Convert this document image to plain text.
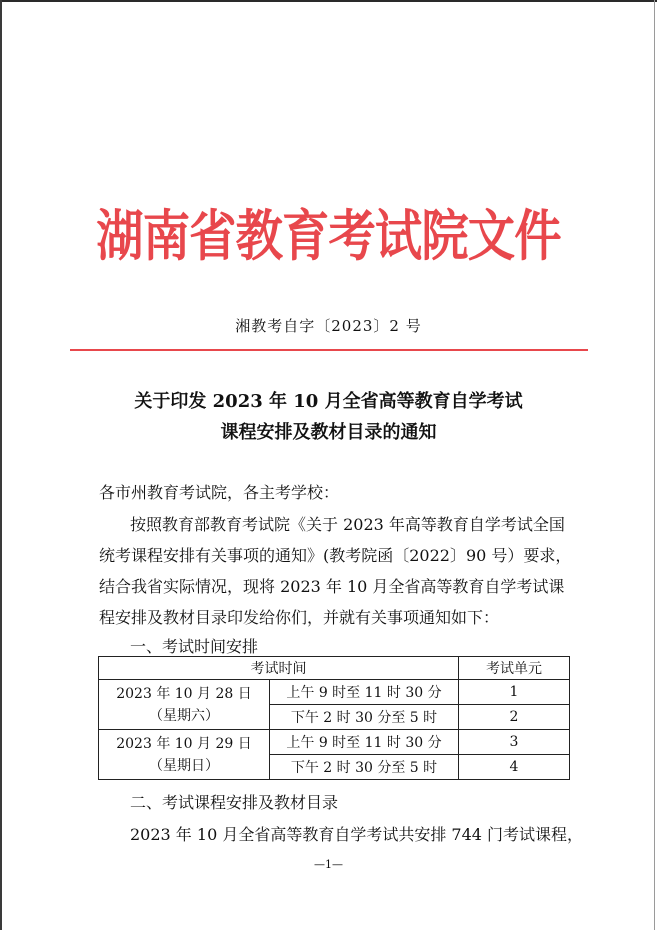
湖南省教育考试院文件
湘教考自字〔2023〕2 号
关于印发 2023 年 10 月全省高等教育自学考试
课程安排及教材目录的通知
各市州教育考试院，各主考学校：
按照教育部教育考试院《关于 2023 年高等教育自学考试全国
统考课程安排有关事项的通知》(教考院函〔2022〕90 号）要求，
结合我省实际情况，现将 2023 年 10 月全省高等教育自学考试课
程安排及教材目录印发给你们，并就有关事项通知如下：
一、考试时间安排
考试时间		考试单元

2023 年 10 月 28 日
（星期六）	上午 9 时至 11 时 30 分	1
	下午 2 时 30 分至 5 时	2

2023 年 10 月 29 日
（星期日）	上午 9 时至 11 时 30 分	3
	下午 2 时 30 分至 5 时	4
二、考试课程安排及教材目录
2023 年 10 月全省高等教育自学考试共安排 744 门考试课程，
—1—
